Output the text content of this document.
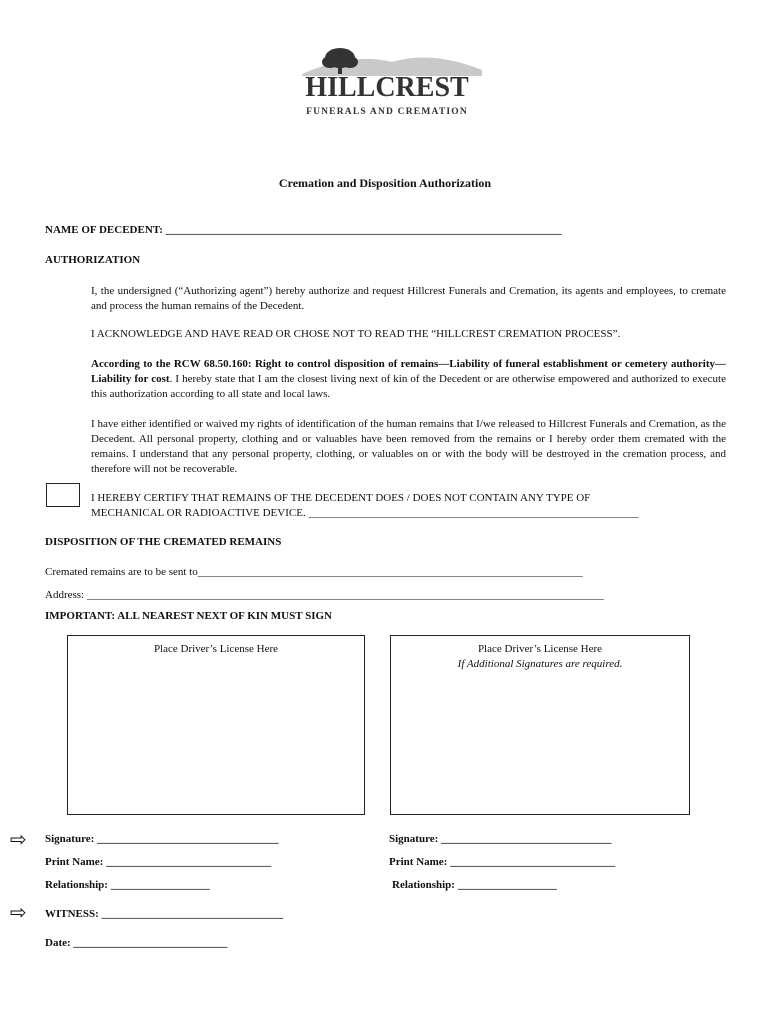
HILLCREST
FUNERALS AND CREMATION
Cremation and Disposition Authorization
NAME OF DECEDENT: ________________________________________________________________________
AUTHORIZATION
I, the undersigned (“Authorizing agent”) hereby authorize and request Hillcrest Funerals and Cremation, its agents and employees, to cremate and process the human remains of the Decedent.
I ACKNOWLEDGE AND HAVE READ OR CHOSE NOT TO READ THE “HILLCREST CREMATION PROCESS”.
According to the RCW 68.50.160: Right to control disposition of remains—Liability of funeral establishment or cemetery authority—Liability for cost. I hereby state that I am the closest living next of kin of the Decedent or are otherwise empowered and authorized to execute this authorization according to all state and local laws.
I have either identified or waived my rights of identification of the human remains that I/we released to Hillcrest Funerals and Cremation, as the Decedent. All personal property, clothing and or valuables have been removed from the remains or I hereby order them cremated with the remains. I understand that any personal property, clothing, or valuables on or with the body will be destroyed in the cremation process, and therefore will not be recoverable.
I HEREBY CERTIFY THAT REMAINS OF THE DECEDENT DOES / DOES NOT CONTAIN ANY TYPE OF
MECHANICAL OR RADIOACTIVE DEVICE. ____________________________________________________________
DISPOSITION OF THE CREMATED REMAINS
Cremated remains are to be sent to______________________________________________________________________
Address: ______________________________________________________________________________________________
IMPORTANT: ALL NEAREST NEXT OF KIN MUST SIGN
Place Driver’s License Here	Place Driver’s License Here
If Additional Signatures are required.
⇨
⇨
Signature: _________________________________
Print Name: ______________________________
Relationship: __________________
WITNESS: _________________________________
Date: ____________________________
Signature: _______________________________
Print Name: ______________________________
Relationship: __________________
